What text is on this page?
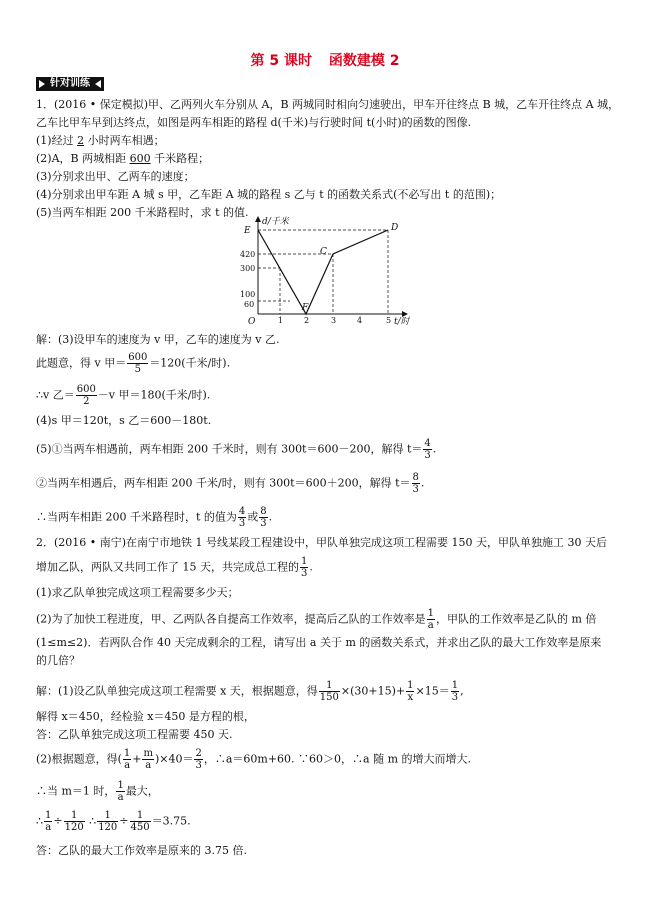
第 5 课时 函数建模 2
针对训练
1．(2016 • 保定模拟)甲、乙两列火车分别从 A，B 两城同时相向匀速驶出，甲车开往终点 B 城，乙车开往终点 A 城，
乙车比甲车早到达终点，如图是两车相距的路程 d(千米)与行驶时间 t(小时)的函数的图像.
(1)经过 2 小时两车相遇；
(2)A，B 两城相距 600 千米路程；
(3)分别求出甲、乙两车的速度；
(4)分别求出甲车距 A 城 s 甲，乙车距 A 城的路程 s 乙与 t 的函数关系式(不必写出 t 的范围)；
(5)当两车相距 200 千米路程时，求 t 的值.
d/千米
t/时
O
E
F
C
D
420
300
100
60
1	2	3	4	5
解：(3)设甲车的速度为 v 甲，乙车的速度为 v 乙.
此题意，得 v 甲＝ $\frac{600}{5} =120$(千米/时).
∴v 乙＝ $\frac{600}{2} -v$ 甲＝180(千米/时).
(4)s 甲＝120t，s 乙＝600－180t.
(5)①当两车相遇前，两车相距 200 千米时，则有 300t＝600－200，解得 $t= \frac{4}{3}$ .
②当两车相遇后，两车相距 200 千米/时，则有 300t＝600＋200，解得 $t= \frac{8}{3}$ .
∴当两车相距 200 千米路程时，t 的值为 $\frac{4}{3}$ 或 $\frac{8}{3}$ .
2．(2016 • 南宁)在南宁市地铁 1 号线某段工程建设中，甲队单独完成这项工程需要 150 天，甲队单独施工 30 天后
增加乙队，两队又共同工作了 15 天，共完成总工程的 $\frac{1}{3}$ .
(1)求乙队单独完成这项工程需要多少天；
(2)为了加快工程进度，甲、乙两队各自提高工作效率，提高后乙队的工作效率是 $\frac{1}{a}$ ，甲队的工作效率是乙队的 m 倍
(1≤m≤2)．若两队合作 40 天完成剩余的工程，请写出 a 关于 m 的函数关系式，并求出乙队的最大工作效率是原来
的几倍？
解：(1)设乙队单独完成这项工程需要 x 天，根据题意，得 $\frac{1}{150} \times(30+15)+ \frac{1}{x} \times 15= \frac{1}{3}$ ,
解得 x＝450，经检验 x＝450 是方程的根，
答：乙队单独完成这项工程需要 450 天.
(2)根据题意，得( $\frac{1}{a} + \frac{m}{a} )\times 40= \frac{2}{3}$ ，∴a＝60m+60. ∵60＞0，∴a 随 m 的增大而增大.
∴当 m＝1 时， $\frac{1}{a}$ 最大，
∴ $\frac{1}{a} \div \frac{1}{120}$ ∴ $\frac{1}{120} \div \frac{1}{450} =3.75$.
答：乙队的最大工作效率是原来的 3.75 倍.
